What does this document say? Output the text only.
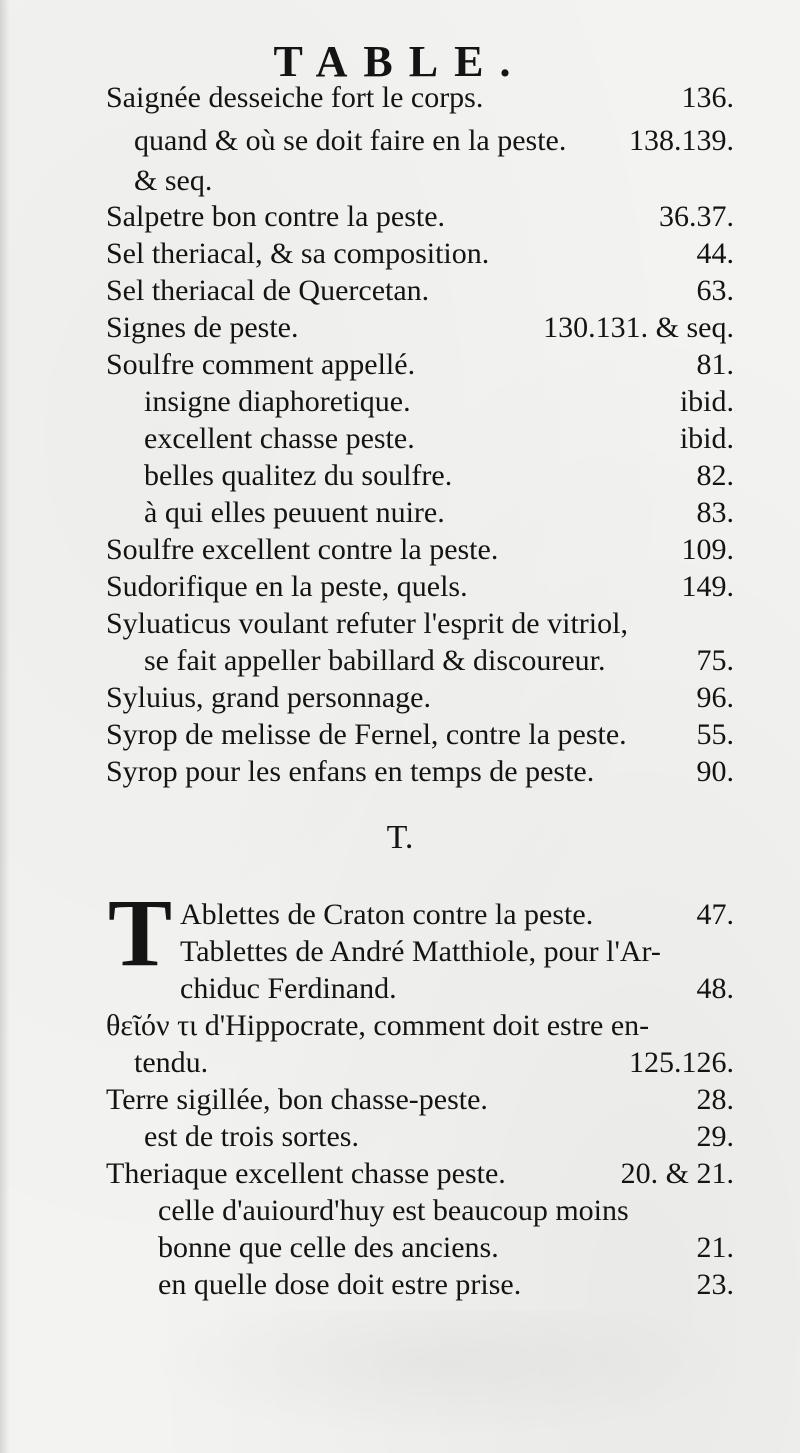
TABLE.
Saignée desseiche fort le corps.	136.
quand & où se doit faire en la peste. 138.139.
& seq.
Salpetre bon contre la peste.	36.37.
Sel theriacal, & sa composition.	44.
Sel theriacal de Quercetan.	63.
Signes de peste.	130.131. & seq.
Soulfre comment appellé.	81.
insigne diaphoretique.	ibid.
excellent chasse peste.	ibid.
belles qualitez du soulfre.	82.
à qui elles peuuent nuire.	83.
Soulfre excellent contre la peste.	109.
Sudorifique en la peste, quels.	149.
Syluaticus voulant refuter l'esprit de vitriol,
se fait appeller babillard & discoureur.	75.
Syluius, grand personnage.	96.
Syrop de melisse de Fernel, contre la peste. 55.
Syrop pour les enfans en temps de peste.	90.
T.
T Ablettes de Craton contre la peste.	47.
Tablettes de André Matthiole, pour l'Ar-
chiduc Ferdinand.	48.
θεῖόν τι d'Hippocrate, comment doit estre en-
tendu.	125.126.
Terre sigillée, bon chasse-peste.	28.
est de trois sortes.	29.
Theriaque excellent chasse peste.	20. & 21.
celle d'auiourd'huy est beaucoup moins
bonne que celle des anciens.	21.
en quelle dose doit estre prise.	23.
